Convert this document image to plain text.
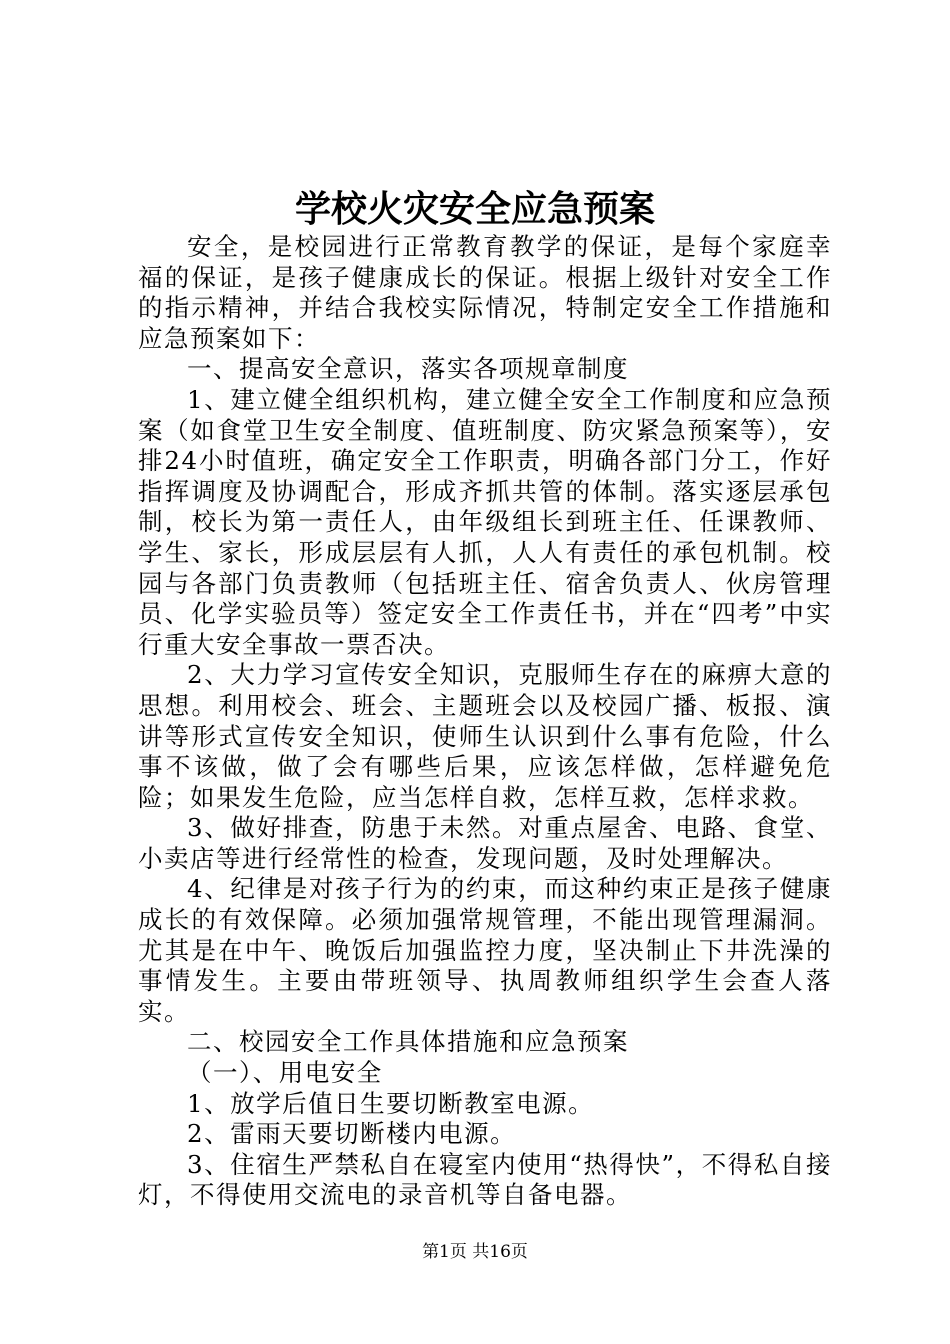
学校火灾安全应急预案

安全，是校园进行正常教育教学的保证，是每个家庭幸福的保证，是孩子健康成长的保证。根据上级针对安全工作的指示精神，并结合我校实际情况，特制定安全工作措施和应急预案如下：

一、提高安全意识，落实各项规章制度

1、建立健全组织机构，建立健全安全工作制度和应急预案（如食堂卫生安全制度、值班制度、防灾紧急预案等），安排24小时值班，确定安全工作职责，明确各部门分工，作好指挥调度及协调配合，形成齐抓共管的体制。落实逐层承包制，校长为第一责任人，由年级组长到班主任、任课教师、学生、家长，形成层层有人抓，人人有责任的承包机制。校园与各部门负责教师（包括班主任、宿舍负责人、伙房管理员、化学实验员等）签定安全工作责任书，并在“四考”中实行重大安全事故一票否决。

2、大力学习宣传安全知识，克服师生存在的麻痹大意的思想。利用校会、班会、主题班会以及校园广播、板报、演讲等形式宣传安全知识，使师生认识到什么事有危险，什么事不该做，做了会有哪些后果，应该怎样做，怎样避免危险；如果发生危险，应当怎样自救，怎样互救，怎样求救。

3、做好排查，防患于未然。对重点屋舍、电路、食堂、小卖店等进行经常性的检查，发现问题，及时处理解决。

4、纪律是对孩子行为的约束，而这种约束正是孩子健康成长的有效保障。必须加强常规管理，不能出现管理漏洞。尤其是在中午、晚饭后加强监控力度，坚决制止下井洗澡的事情发生。主要由带班领导、执周教师组织学生会查人落实。

二、校园安全工作具体措施和应急预案

（一）、用电安全

1、放学后值日生要切断教室电源。

2、雷雨天要切断楼内电源。

3、住宿生严禁私自在寝室内使用“热得快”，不得私自接灯，不得使用交流电的录音机等自备电器。

第1页 共16页
